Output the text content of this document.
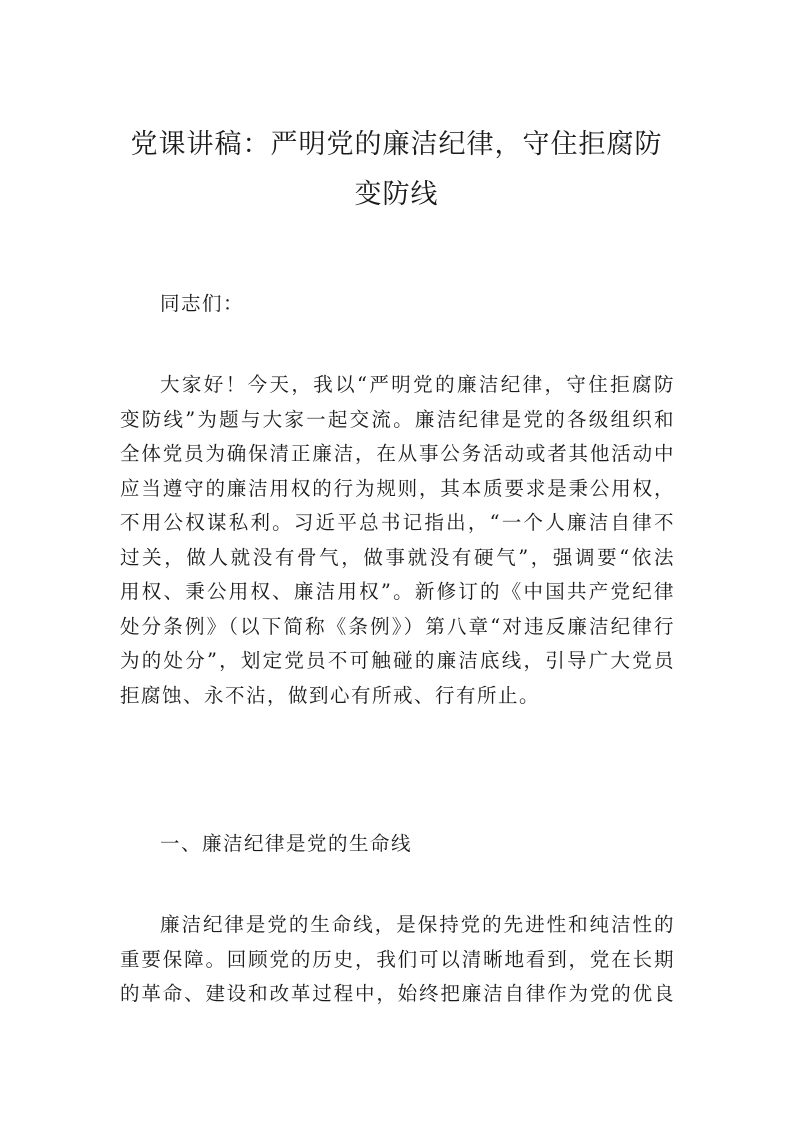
党课讲稿：严明党的廉洁纪律，守住拒腐防
变防线

同志们：

大家好！今天，我以“严明党的廉洁纪律，守住拒腐防
变防线”为题与大家一起交流。廉洁纪律是党的各级组织和
全体党员为确保清正廉洁，在从事公务活动或者其他活动中
应当遵守的廉洁用权的行为规则，其本质要求是秉公用权，
不用公权谋私利。习近平总书记指出，“一个人廉洁自律不
过关，做人就没有骨气，做事就没有硬气”，强调要“依法
用权、秉公用权、廉洁用权”。新修订的《中国共产党纪律
处分条例》（以下简称《条例》）第八章“对违反廉洁纪律行
为的处分”，划定党员不可触碰的廉洁底线，引导广大党员
拒腐蚀、永不沾，做到心有所戒、行有所止。

一、廉洁纪律是党的生命线

廉洁纪律是党的生命线，是保持党的先进性和纯洁性的
重要保障。回顾党的历史，我们可以清晰地看到，党在长期
的革命、建设和改革过程中，始终把廉洁自律作为党的优良
